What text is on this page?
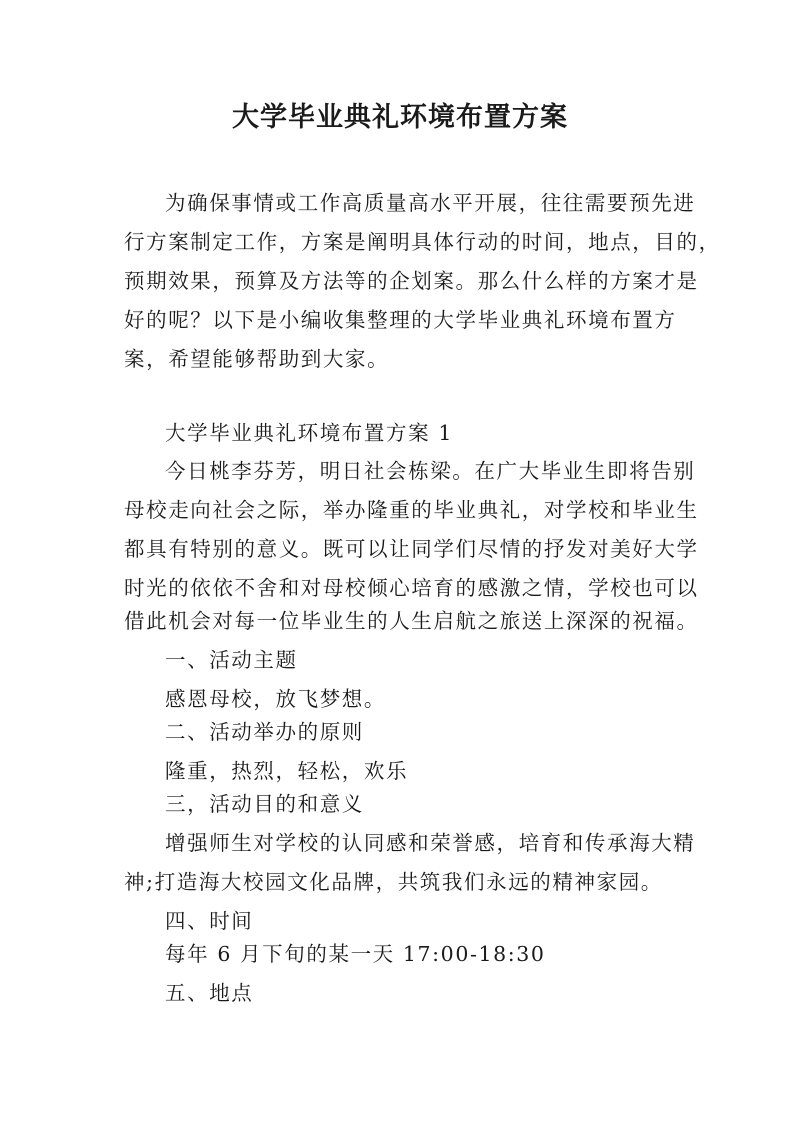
大学毕业典礼环境布置方案
为确保事情或工作高质量高水平开展，往往需要预先进
行方案制定工作，方案是阐明具体行动的时间，地点，目的，
预期效果，预算及方法等的企划案。那么什么样的方案才是
好的呢？以下是小编收集整理的大学毕业典礼环境布置方
案，希望能够帮助到大家。
大学毕业典礼环境布置方案 1
今日桃李芬芳，明日社会栋梁。在广大毕业生即将告别
母校走向社会之际，举办隆重的毕业典礼，对学校和毕业生
都具有特别的意义。既可以让同学们尽情的抒发对美好大学
时光的依依不舍和对母校倾心培育的感激之情，学校也可以
借此机会对每一位毕业生的人生启航之旅送上深深的祝福。
一、活动主题
感恩母校，放飞梦想。
二、活动举办的原则
隆重，热烈，轻松，欢乐
三，活动目的和意义
增强师生对学校的认同感和荣誉感，培育和传承海大精
神;打造海大校园文化品牌，共筑我们永远的精神家园。
四、时间
每年 6 月下旬的某一天 17:00-18:30
五、地点
